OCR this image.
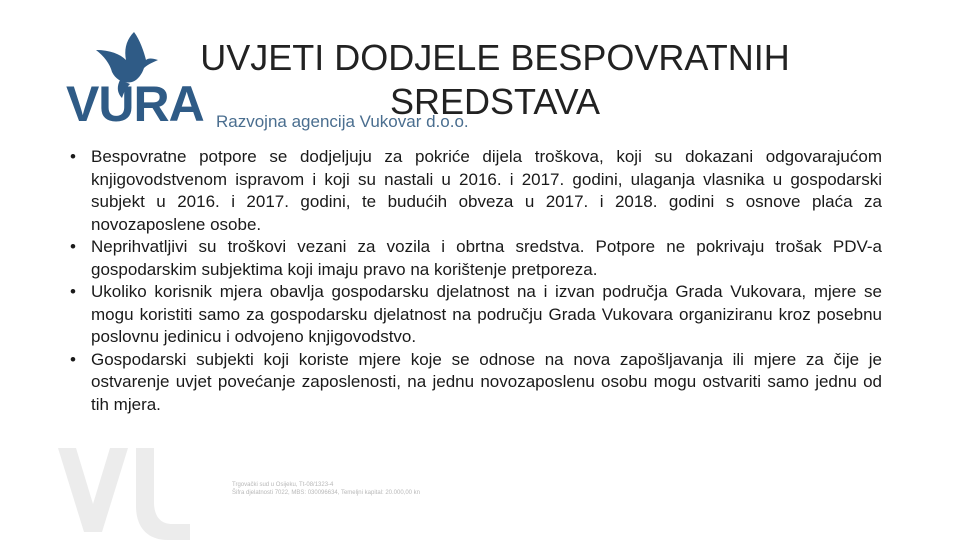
Trgovački sud u Osijeku, Tt-08/1323-4
Šifra djelatnosti 7022, MBS: 030096634, Temeljni kapital: 20.000,00 kn
VURA Razvojna agencija Vukovar d.o.o.
UVJETI DODJELE BESPOVRATNIH SREDSTAVA
• Bespovratne potpore se dodjeljuju za pokriće dijela troškova, koji su dokazani odgovarajućom knjigovodstvenom ispravom i koji su nastali u 2016. i 2017. godini, ulaganja vlasnika u gospodarski subjekt u 2016. i 2017. godini, te budućih obveza u 2017. i 2018. godini s osnove plaća za novozaposlene osobe.
• Neprihvatljivi su troškovi vezani za vozila i obrtna sredstva. Potpore ne pokrivaju trošak PDV-a gospodarskim subjektima koji imaju pravo na korištenje pretporeza.
• Ukoliko korisnik mjera obavlja gospodarsku djelatnost na i izvan područja Grada Vukovara, mjere se mogu koristiti samo za gospodarsku djelatnost na području Grada Vukovara organiziranu kroz posebnu poslovnu jedinicu i odvojeno knjigovodstvo.
• Gospodarski subjekti koji koriste mjere koje se odnose na nova zapošljavanja ili mjere za čije je ostvarenje uvjet povećanje zaposlenosti, na jednu novozaposlenu osobu mogu ostvariti samo jednu od tih mjera.
